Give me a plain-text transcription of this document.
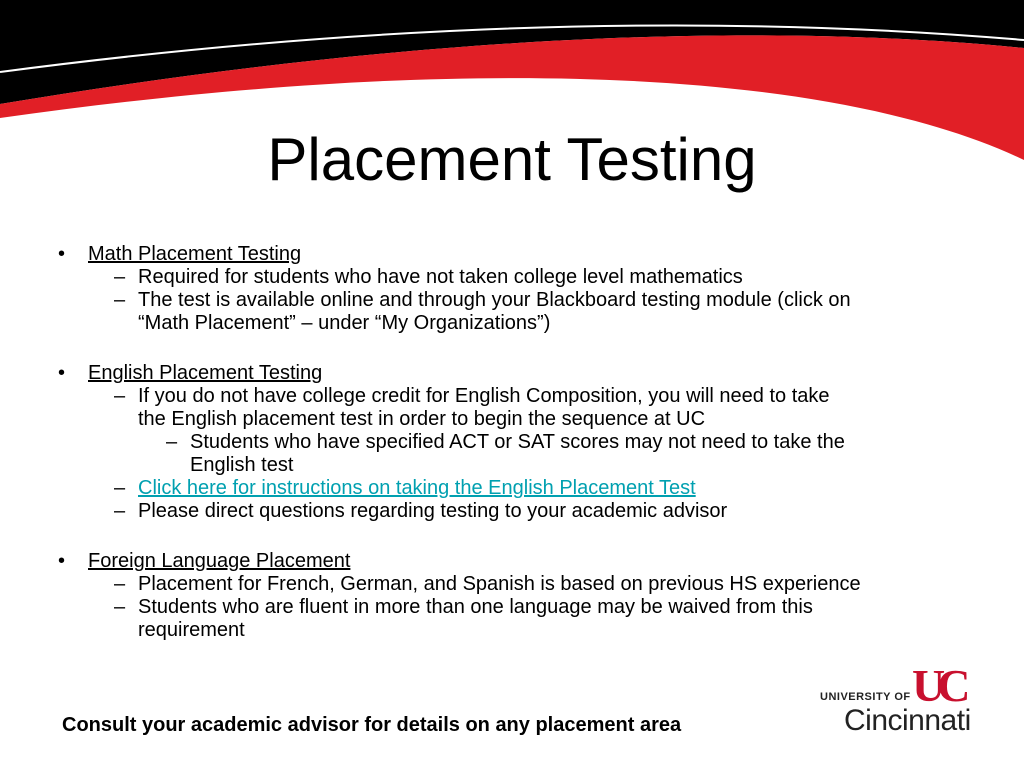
Placement Testing
• Math Placement Testing
– Required for students who have not taken college level mathematics
– The test is available online and through your Blackboard testing module (click on
“Math Placement” – under “My Organizations”)
• English Placement Testing
– If you do not have college credit for English Composition, you will need to take
the English placement test in order to begin the sequence at UC
– Students who have specified ACT or SAT scores may not need to take the
English test
– Click here for instructions on taking the English Placement Test
– Please direct questions regarding testing to your academic advisor
• Foreign Language Placement
– Placement for French, German, and Spanish is based on previous HS experience
– Students who are fluent in more than one language may be waived from this
requirement

Consult your academic advisor for details on any placement area

UC
UNIVERSITY OF
Cincinnati
